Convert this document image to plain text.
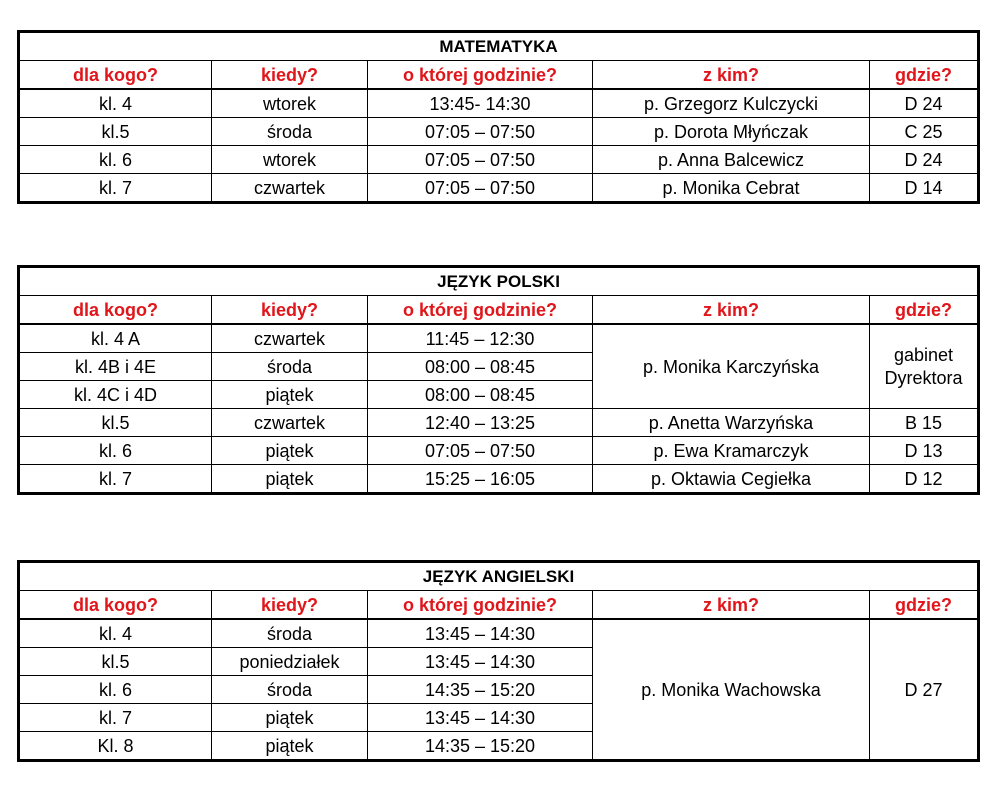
MATEMATYKA				
dla kogo?	kiedy?	o której godzinie?	z kim?	gdzie?
kl. 4	wtorek	13:45- 14:30	p. Grzegorz Kulczycki	D 24
kl.5	środa	07:05 – 07:50	p. Dorota Młyńczak	C 25
kl. 6	wtorek	07:05 – 07:50	p. Anna Balcewicz	D 24
kl. 7	czwartek	07:05 – 07:50	p. Monika Cebrat	D 14
JĘZYK POLSKI				
dla kogo?	kiedy?	o której godzinie?	z kim?	gdzie?
kl. 4 A	czwartek	11:45 – 12:30	p. Monika Karczyńska	gabinet Dyrektora
kl. 4B i 4E	środa	08:00 – 08:45		
kl. 4C i 4D	piątek	08:00 – 08:45		
kl.5	czwartek	12:40 – 13:25	p. Anetta Warzyńska	B 15
kl. 6	piątek	07:05 – 07:50	p. Ewa Kramarczyk	D 13
kl. 7	piątek	15:25 – 16:05	p. Oktawia Cegiełka	D 12
JĘZYK ANGIELSKI				
dla kogo?	kiedy?	o której godzinie?	z kim?	gdzie?
kl. 4	środa	13:45 – 14:30	p. Monika Wachowska	D 27
kl.5	poniedziałek	13:45 – 14:30		
kl. 6	środa	14:35 – 15:20		
kl. 7	piątek	13:45 – 14:30		
Kl. 8	piątek	14:35 – 15:20		
